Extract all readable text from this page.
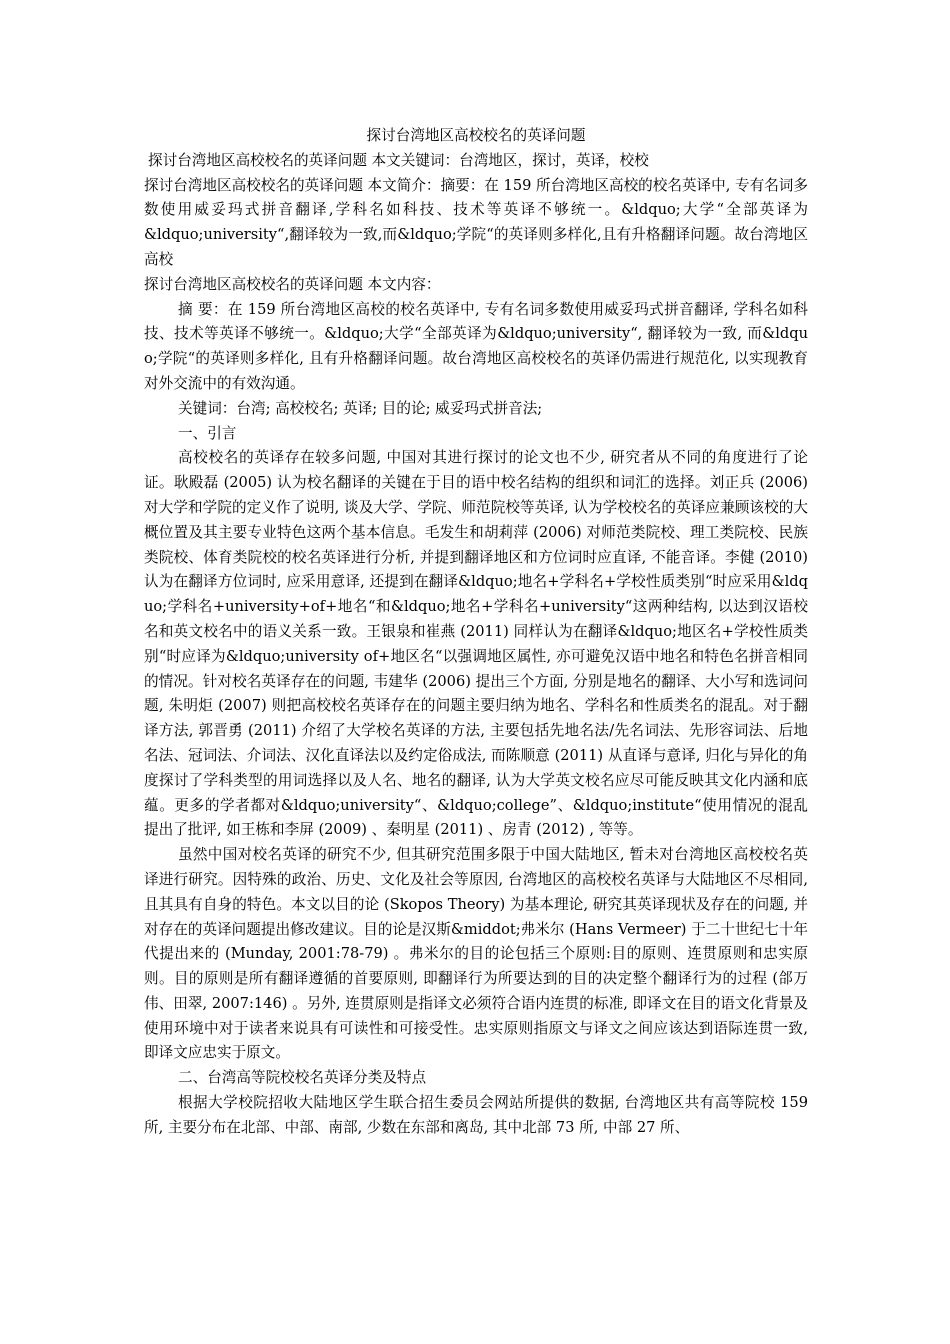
探讨台湾地区高校校名的英译问题

探讨台湾地区高校校名的英译问题 本文关键词：台湾地区，探讨，英译，校校

探讨台湾地区高校校名的英译问题 本文简介：摘要：在 159 所台湾地区高校的校名英译中, 专有名词多数使用威妥玛式拼音翻译,学科名如科技、技术等英译不够统一。&ldquo;大学“全部英译为&ldquo;university“,翻译较为一致,而&ldquo;学院“的英译则多样化,且有升格翻译问题。故台湾地区高校

探讨台湾地区高校校名的英译问题 本文内容：

摘 要：在 159 所台湾地区高校的校名英译中, 专有名词多数使用威妥玛式拼音翻译, 学科名如科技、技术等英译不够统一。&ldquo;大学“全部英译为&ldquo;university“, 翻译较为一致, 而&ldquo;学院“的英译则多样化, 且有升格翻译问题。故台湾地区高校校名的英译仍需进行规范化, 以实现教育对外交流中的有效沟通。

关键词：台湾; 高校校名; 英译; 目的论; 威妥玛式拼音法;

一、引言

高校校名的英译存在较多问题, 中国对其进行探讨的论文也不少, 研究者从不同的角度进行了论证。耿殿磊 (2005) 认为校名翻译的关键在于目的语中校名结构的组织和词汇的选择。刘正兵 (2006) 对大学和学院的定义作了说明, 谈及大学、学院、师范院校等英译, 认为学校校名的英译应兼顾该校的大概位置及其主要专业特色这两个基本信息。毛发生和胡莉萍 (2006) 对师范类院校、理工类院校、民族类院校、体育类院校的校名英译进行分析, 并提到翻译地区和方位词时应直译, 不能音译。李健 (2010) 认为在翻译方位词时, 应采用意译, 还提到在翻译&ldquo;地名+学科名+学校性质类别“时应采用&ldquo;学科名+university+of+地名“和&ldquo;地名+学科名+university“这两种结构, 以达到汉语校名和英文校名中的语义关系一致。王银泉和崔燕 (2011) 同样认为在翻译&ldquo;地区名+学校性质类别“时应译为&ldquo;university of+地区名“以强调地区属性, 亦可避免汉语中地名和特色名拼音相同的情况。针对校名英译存在的问题, 韦建华 (2006) 提出三个方面, 分别是地名的翻译、大小写和选词问题, 朱明炬 (2007) 则把高校校名英译存在的问题主要归纳为地名、学科名和性质类名的混乱。对于翻译方法, 郭晋勇 (2011) 介绍了大学校名英译的方法, 主要包括先地名法/先名词法、先形容词法、后地名法、冠词法、介词法、汉化直译法以及约定俗成法, 而陈顺意 (2011) 从直译与意译, 归化与异化的角度探讨了学科类型的用词选择以及人名、地名的翻译, 认为大学英文校名应尽可能反映其文化内涵和底蕴。更多的学者都对&ldquo;university“、&ldquo;college”、&ldquo;institute“使用情况的混乱提出了批评, 如王栋和李屏 (2009) 、秦明星 (2011) 、房青 (2012) , 等等。

虽然中国对校名英译的研究不少, 但其研究范围多限于中国大陆地区, 暂未对台湾地区高校校名英译进行研究。因特殊的政治、历史、文化及社会等原因, 台湾地区的高校校名英译与大陆地区不尽相同, 且其具有自身的特色。本文以目的论 (Skopos Theory) 为基本理论, 研究其英译现状及存在的问题, 并对存在的英译问题提出修改建议。目的论是汉斯&middot;弗米尔 (Hans Vermeer) 于二十世纪七十年代提出来的 (Munday, 2001:78-79) 。弗米尔的目的论包括三个原则:目的原则、连贯原则和忠实原则。目的原则是所有翻译遵循的首要原则, 即翻译行为所要达到的目的决定整个翻译行为的过程 (郃万伟、田翠, 2007:146) 。另外, 连贯原则是指译文必须符合语内连贯的标准, 即译文在目的语文化背景及使用环境中对于读者来说具有可读性和可接受性。忠实原则指原文与译文之间应该达到语际连贯一致, 即译文应忠实于原文。

二、台湾高等院校校名英译分类及特点

根据大学校院招收大陆地区学生联合招生委员会网站所提供的数据, 台湾地区共有高等院校 159 所, 主要分布在北部、中部、南部, 少数在东部和离岛, 其中北部 73 所, 中部 27 所、
